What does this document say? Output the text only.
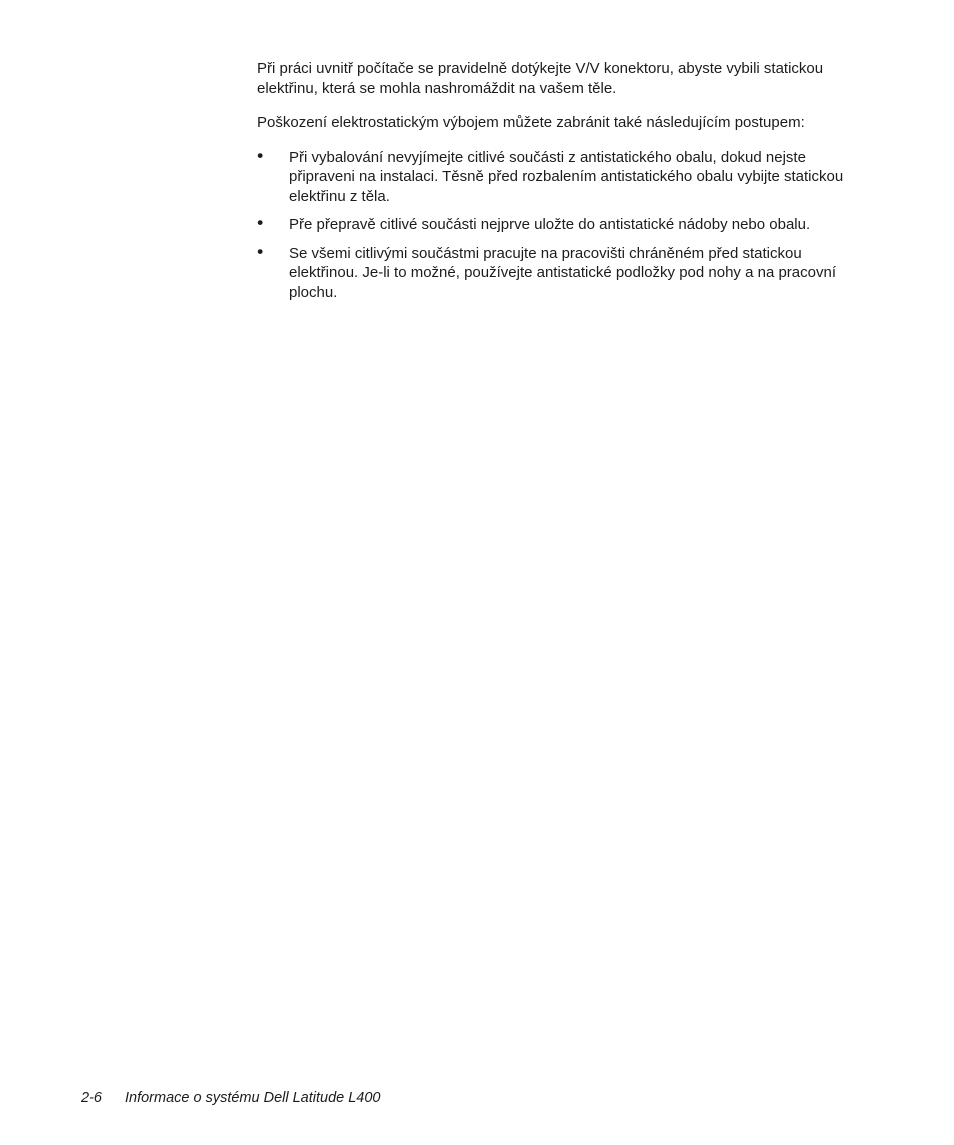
Při práci uvnitř počítače se pravidelně dotýkejte V/V konektoru, abyste vybili statickou elektřinu, která se mohla nashromáždit na vašem těle.

Poškození elektrostatickým výbojem můžete zabránit také následujícím postupem:

• Při vybalování nevyjímejte citlivé součásti z antistatického obalu, dokud nejste připraveni na instalaci. Těsně před rozbalením antistatického obalu vybijte statickou elektřinu z těla.
• Pře přepravě citlivé součásti nejprve uložte do antistatické nádoby nebo obalu.
• Se všemi citlivými součástmi pracujte na pracovišti chráněném před statickou elektřinou. Je-li to možné, používejte antistatické podložky pod nohy a na pracovní plochu.
2-6 Informace o systému Dell Latitude L400
